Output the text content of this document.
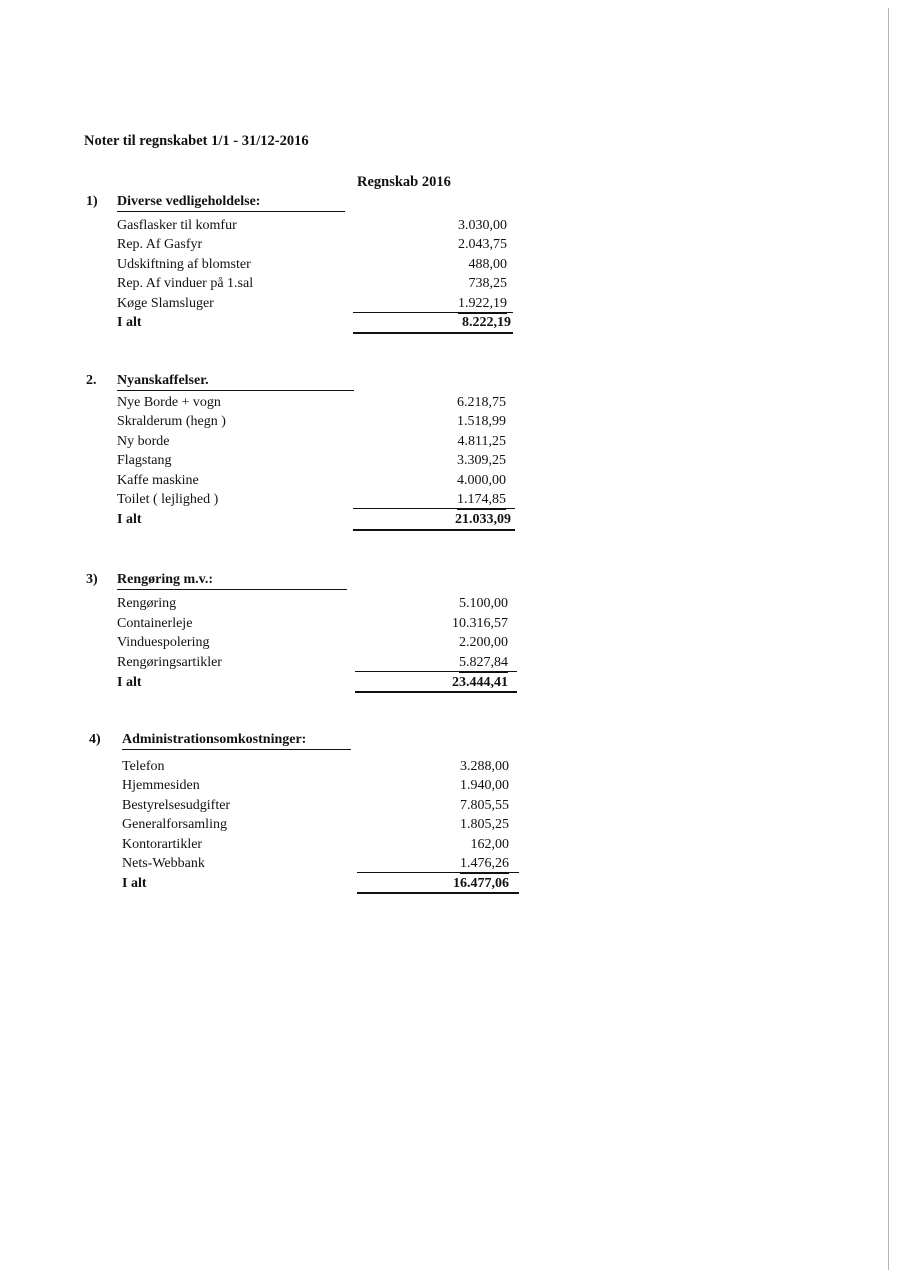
Noter til regnskabet 1/1 - 31/12-2016
Regnskab 2016
1) Diverse vedligeholdelse:
Gasflasker til komfur	3.030,00
Rep. Af Gasfyr	2.043,75
Udskiftning af blomster	488,00
Rep. Af vinduer på 1.sal	738,25
Køge Slamsluger	1.922,19
I alt	8.222,19
2. Nyanskaffelser.
Nye Borde + vogn	6.218,75
Skralderum (hegn )	1.518,99
Ny borde	4.811,25
Flagstang	3.309,25
Kaffe maskine	4.000,00
Toilet ( lejlighed )	1.174,85
I alt	21.033,09
3) Rengøring m.v.:
Rengøring	5.100,00
Containerleje	10.316,57
Vinduespolering	2.200,00
Rengøringsartikler	5.827,84
I alt	23.444,41
4) Administrationsomkostninger:
Telefon	3.288,00
Hjemmesiden	1.940,00
Bestyrelsesudgifter	7.805,55
Generalforsamling	1.805,25
Kontorartikler	162,00
Nets-Webbank	1.476,26
I alt	16.477,06
